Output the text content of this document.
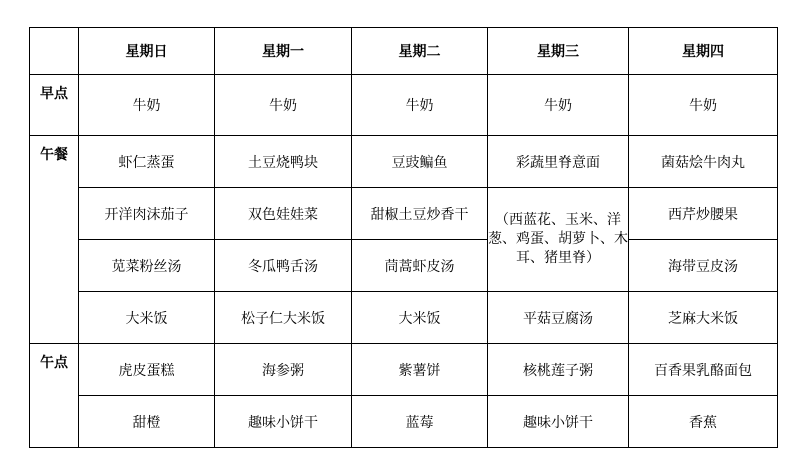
	星期日	星期一	星期二	星期三	星期四
早点	牛奶	牛奶	牛奶	牛奶	牛奶
午餐	虾仁蒸蛋	土豆烧鸭块	豆豉鳊鱼	彩蔬里脊意面	菌菇烩牛肉丸
	开洋肉沫茄子	双色娃娃菜	甜椒土豆炒香干	（西蓝花、玉米、洋葱、鸡蛋、胡萝卜、木耳、猪里脊）	西芹炒腰果
	苋菜粉丝汤	冬瓜鸭舌汤	茼蒿虾皮汤		海带豆皮汤
	大米饭	松子仁大米饭	大米饭	平菇豆腐汤	芝麻大米饭
午点	虎皮蛋糕	海参粥	紫薯饼	核桃莲子粥	百香果乳酪面包
	甜橙	趣味小饼干	蓝莓	趣味小饼干	香蕉
